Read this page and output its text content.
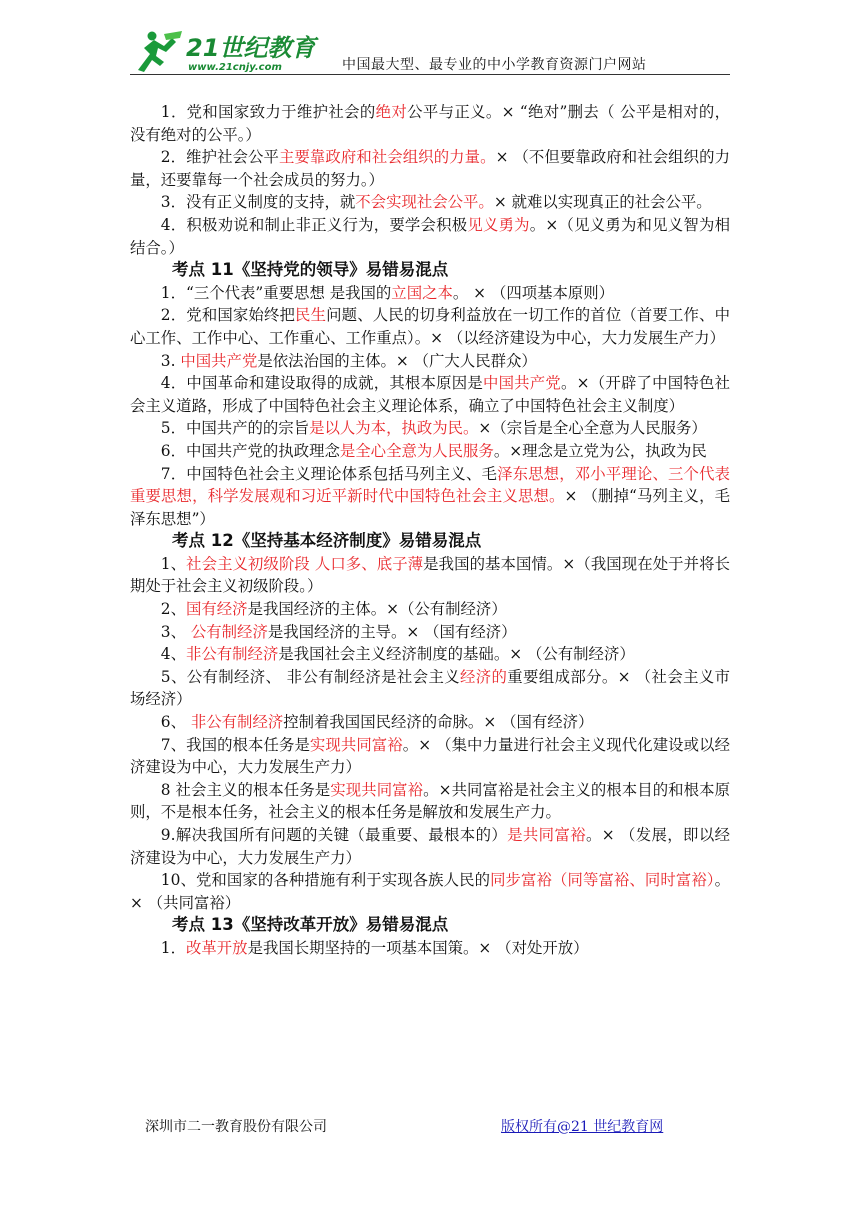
21世纪教育
www.21cnjy.com	中国最大型、最专业的中小学教育资源门户网站

1．党和国家致力于维护社会的绝对公平与正义。× “绝对”删去（ 公平是相对的，没有绝对的公平。）

2．维护社会公平主要靠政府和社会组织的力量。× （不但要靠政府和社会组织的力量，还要靠每一个社会成员的努力。）

3．没有正义制度的支持，就不会实现社会公平。× 就难以实现真正的社会公平。

4．积极劝说和制止非正义行为，要学会积极见义勇为。×（见义勇为和见义智为相结合。）

考点 11《坚持党的领导》易错易混点

1．“三个代表”重要思想 是我国的立国之本。 × （四项基本原则）

2．党和国家始终把民生问题、人民的切身利益放在一切工作的首位（首要工作、中心工作、工作中心、工作重心、工作重点）。× （以经济建设为中心，大力发展生产力）

3. 中国共产党是依法治国的主体。× （广大人民群众）

4．中国革命和建设取得的成就，其根本原因是中国共产党。×（开辟了中国特色社会主义道路，形成了中国特色社会主义理论体系，确立了中国特色社会主义制度）

5．中国共产的的宗旨是以人为本，执政为民。×（宗旨是全心全意为人民服务）

6．中国共产党的执政理念是全心全意为人民服务。×理念是立党为公，执政为民

7．中国特色社会主义理论体系包括马列主义、毛泽东思想，邓小平理论、三个代表重要思想，科学发展观和习近平新时代中国特色社会主义思想。× （删掉“马列主义，毛泽东思想”）

考点 12《坚持基本经济制度》易错易混点

1、社会主义初级阶段 人口多、底子薄是我国的基本国情。×（我国现在处于并将长期处于社会主义初级阶段。）

2、国有经济是我国经济的主体。×（公有制经济）

3、 公有制经济是我国经济的主导。× （国有经济）

4、非公有制经济是我国社会主义经济制度的基础。× （公有制经济）

5、公有制经济、 非公有制经济是社会主义经济的重要组成部分。× （社会主义市场经济）

6、 非公有制经济控制着我国国民经济的命脉。× （国有经济）

7、我国的根本任务是实现共同富裕。× （集中力量进行社会主义现代化建设或以经济建设为中心，大力发展生产力）

8 社会主义的根本任务是实现共同富裕。×共同富裕是社会主义的根本目的和根本原则，不是根本任务，社会主义的根本任务是解放和发展生产力。

9.解决我国所有问题的关键（最重要、最根本的）是共同富裕。× （发展，即以经济建设为中心，大力发展生产力）

10、党和国家的各种措施有利于实现各族人民的同步富裕（同等富裕、同时富裕）。× （共同富裕）

考点 13《坚持改革开放》易错易混点

1．改革开放是我国长期坚持的一项基本国策。× （对处开放）

深圳市二一教育股份有限公司	版权所有@21 世纪教育网
